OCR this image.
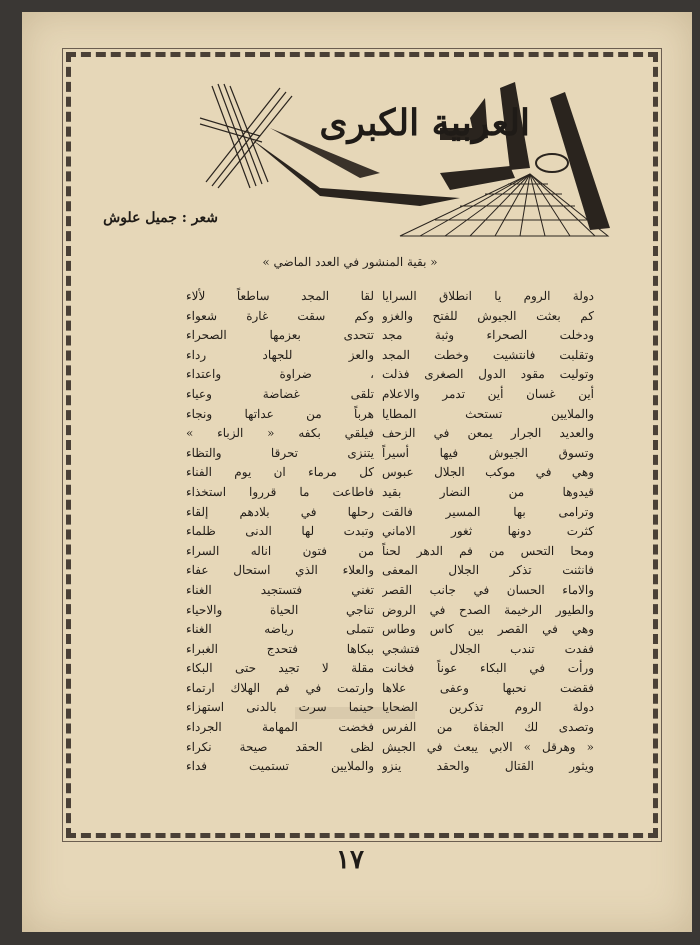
العربية الكبرى
شعر : جميل علوش
« بقية المنشور في العدد الماضي »
دولة الروم يا انطلاق السرايا
كم بعثت الجيوش للفتح والغزو
ودخلت الصحراء وثبة مجد
وتقلبت فانتشيت وخطت المجد
وتوليت مقود الدول الصغرى فذلت
أين غسان أين تدمر والاعلام
والملايين تستحث المطايا
والعديد الجرار يمعن في الزحف
وتسوق الجيوش فيها أسيراً
وهي في موكب الجلال عبوس
قيدوها من النضار بقيد
وترامى بها المسير فالقت
كثرت دونها ثغور الاماني
ومحا التحس من فم الدهر لحناً
فانثنت تذكر الجلال المعفى
والاماء الحسان في جانب القصر
والطيور الرخيمة الصدح في الروض
وهي في القصر بين كاس وطاس
ففدت تندب الجلال فتشجي
ورأت في البكاء عوناً فخانت
فقضت نحبها وعفى علاها
دولة الروم تذكرين الضحايا
وتصدى لك الجفاة من الفرس
« وهرقل » الابي يبعث في الجيش
ويثور القتال والحقد ينزو
لقا المجد ساطعاً لألاء
وكم سقت غارة شعواء
تتحدى بعزمها الصحراء
والعز للجهاد رداء
، ضراوة واعتداء
تلقى غضاضة وعياء
هرباً من عداتها ونجاء
فيلقي بكفه « الزباء »
يتنزى تحرقا والتظاء
كل مرماء ان يوم الفناء
فاطاعت ما قرروا استخذاء
رحلها في بلادهم إلقاء
وتبدت لها الدنى ظلماء
من فتون اناله السراء
والعلاء الذي استحال عفاء
تغني فتستجيد الغناء
تناجي الحياة والاحياء
تتملى رياضه الغناء
ببكاها فتحدج الغبراء
مقلة لا تجيد حتى البكاء
وارتمت في فم الهلاك ارتماء
حينما سرت بالدنى استهزاء
فخضت المهامة الجرداء
لظى الحقد صيحة نكراء
والملايين تستميت فداء
١٧
